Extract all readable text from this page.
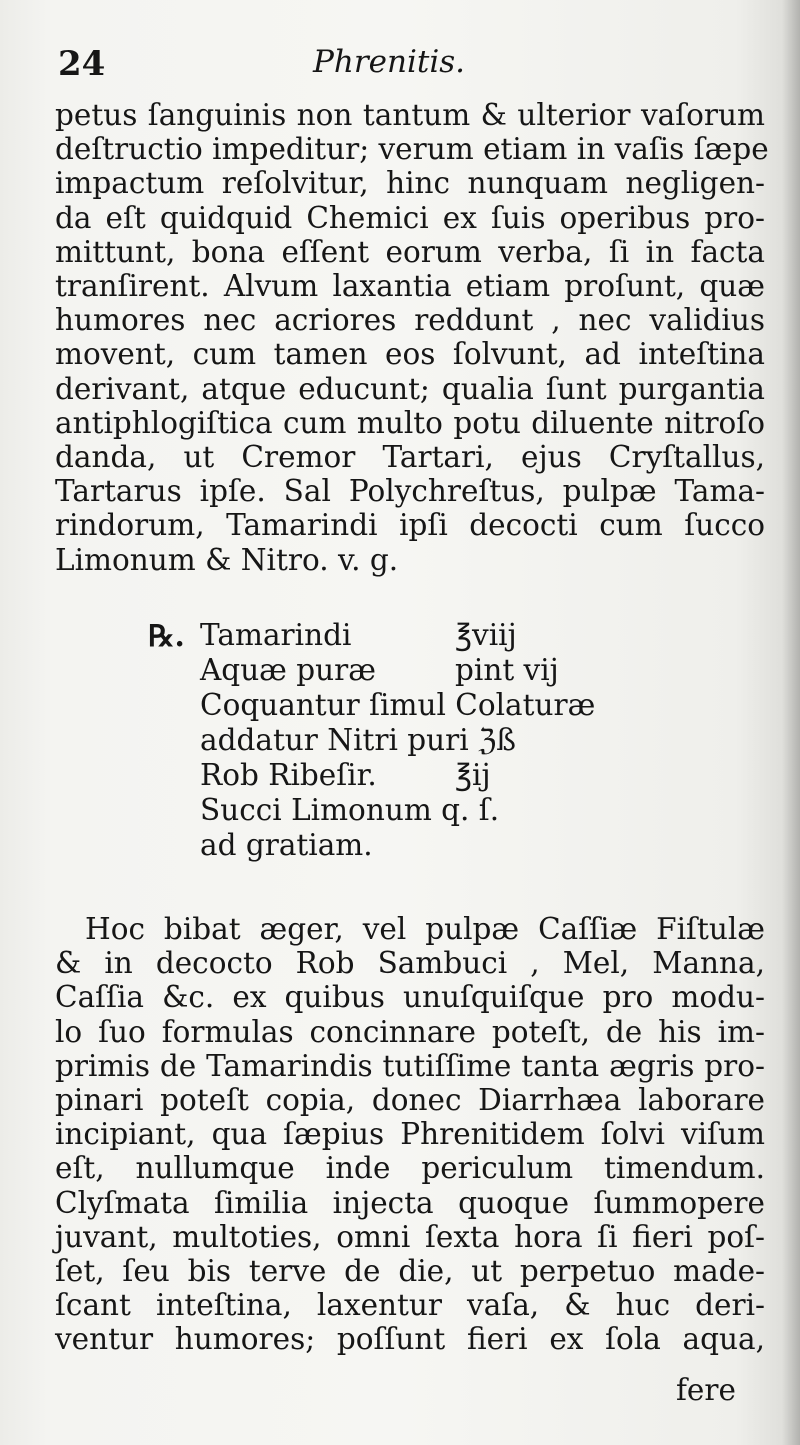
24	Phrenitis.
petus ſanguinis non tantum & ulterior vaſorum
deſtructio impeditur; verum etiam in vaſis ſæpe
impactum reſolvitur, hinc nunquam negligen-
da eſt quidquid Chemici ex ſuis operibus pro-
mittunt, bona eſſent eorum verba, ſi in facta
tranſirent. Alvum laxantia etiam proſunt, quæ
humores nec acriores reddunt , nec validius
movent, cum tamen eos ſolvunt, ad inteſtina
derivant, atque educunt; qualia ſunt purgantia
antiphlogiſtica cum multo potu diluente nitroſo
danda, ut Cremor Tartari, ejus Cryſtallus,
Tartarus ipſe. Sal Polychreſtus, pulpæ Tama-
rindorum, Tamarindi ipſi decocti cum ſucco
Limonum & Nitro. v. g.
℞. Tamarindi	℥viij
Aquæ puræ	pint vij
Coquantur ſimul Colaturæ
addatur Nitri puri ℨß
Rob Ribeſir.	℥ij
Succi Limonum q. ſ.
ad gratiam.
Hoc bibat æger, vel pulpæ Caſſiæ Fiſtulæ
& in decocto Rob Sambuci , Mel, Manna,
Caſſia &c. ex quibus unuſquiſque pro modu-
lo ſuo formulas concinnare poteſt, de his im-
primis de Tamarindis tutiſſime tanta ægris pro-
pinari poteſt copia, donec Diarrhæa laborare
incipiant, qua ſæpius Phrenitidem ſolvi viſum
eſt, nullumque inde periculum timendum.
Clyſmata ſimilia injecta quoque ſummopere
juvant, multoties, omni ſexta hora ſi fieri poſ-
ſet, ſeu bis terve de die, ut perpetuo made-
ſcant inteſtina, laxentur vaſa, & huc deri-
ventur humores; poſſunt fieri ex ſola aqua,
fere
